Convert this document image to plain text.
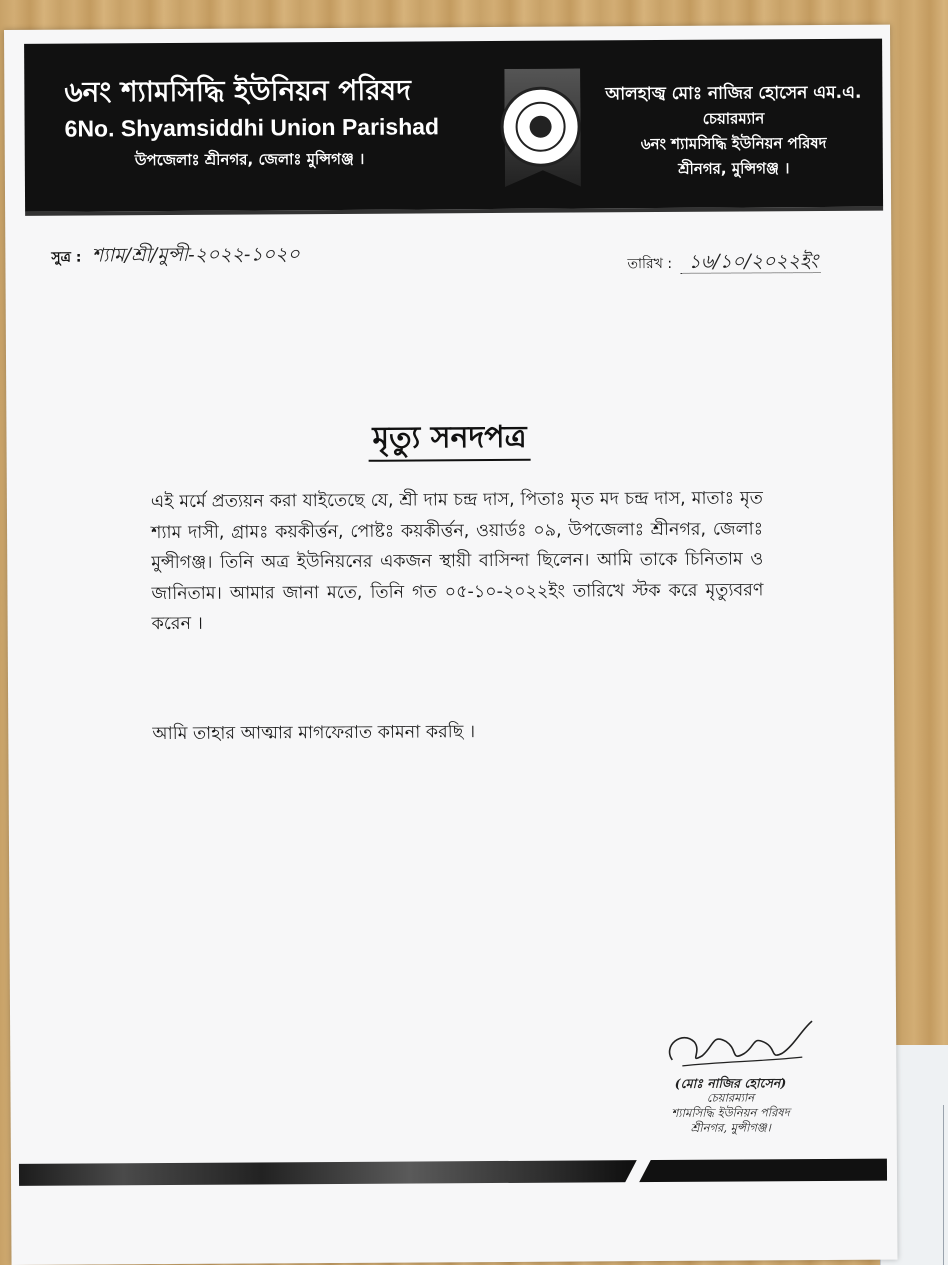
৬নং শ্যামসিদ্ধি ইউনিয়ন পরিষদ
6No. Shyamsiddhi Union Parishad
উপজেলাঃ শ্রীনগর, জেলাঃ মুন্সিগঞ্জ ।
আলহাজ্ব মোঃ নাজির হোসেন এম.এ.
চেয়ারম্যান
৬নং শ্যামসিদ্ধি ইউনিয়ন পরিষদ
শ্রীনগর, মুন্সিগঞ্জ ।
সুত্র : শ্যাম/শ্রী/মুন্সী-২০২২-১০২০	তারিখ : ১৬/১০/২০২২ইং
মৃত্যু সনদপত্র
এই মর্মে প্রত্যয়ন করা যাইতেছে যে, শ্রী দাম চন্দ্র দাস, পিতাঃ মৃত মদ চন্দ্র দাস, মাতাঃ মৃত শ্যাম দাসী, গ্রামঃ কয়কীর্ত্তন, পোষ্টঃ কয়কীর্ত্তন, ওয়ার্ডঃ ০৯, উপজেলাঃ শ্রীনগর, জেলাঃ মুন্সীগঞ্জ। তিনি অত্র ইউনিয়নের একজন স্থায়ী বাসিন্দা ছিলেন। আমি তাকে চিনিতাম ও জানিতাম। আমার জানা মতে, তিনি গত ০৫-১০-২০২২ইং তারিখে স্টক করে মৃত্যুবরণ করেন ।
আমি তাহার আত্মার মাগফেরাত কামনা করছি ।
(মোঃ নাজির হোসেন)
চেয়ারম্যান
শ্যামসিদ্ধি ইউনিয়ন পরিষদ
শ্রীনগর, মুন্সীগঞ্জ।
